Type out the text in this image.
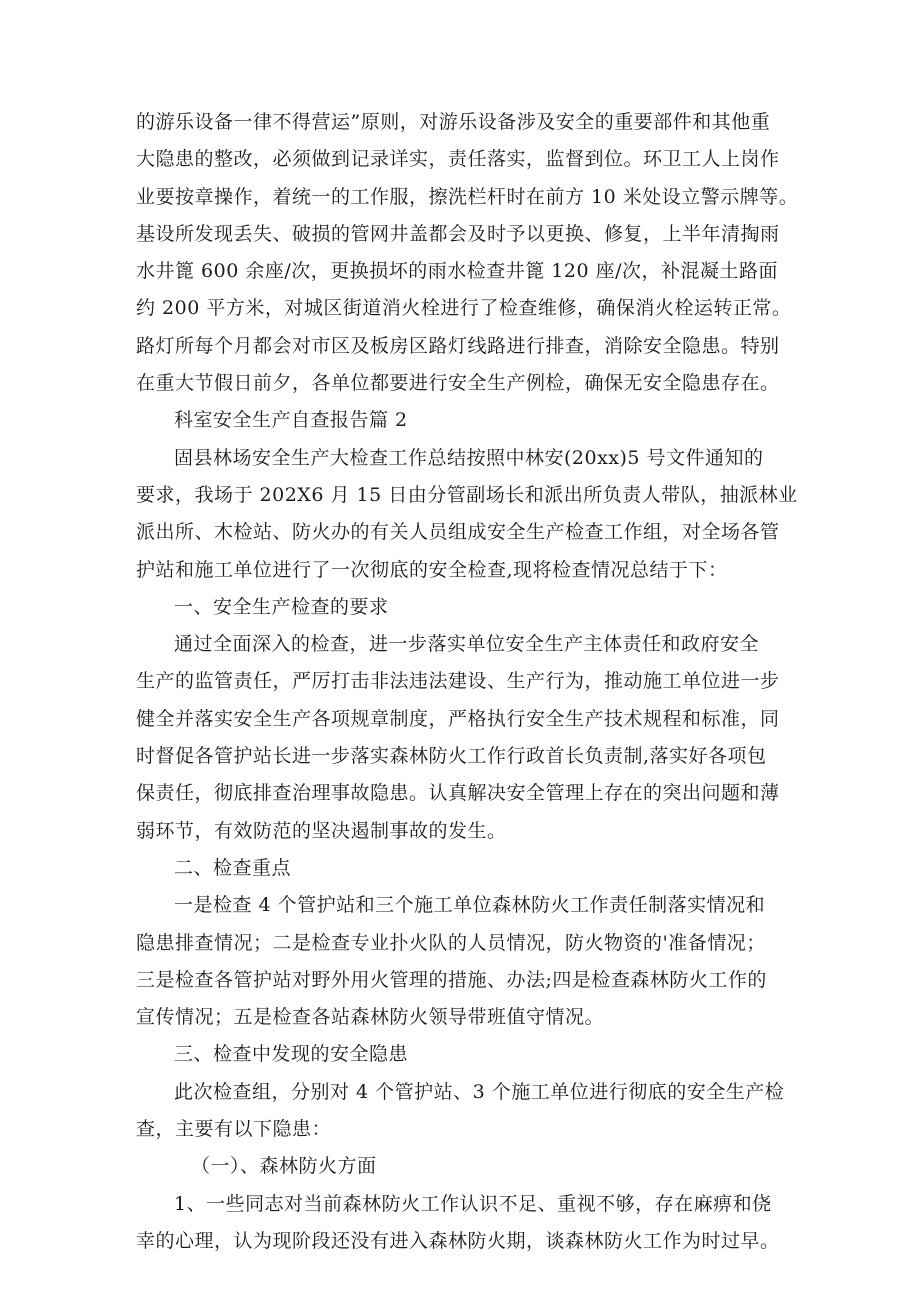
的游乐设备一律不得营运”原则，对游乐设备涉及安全的重要部件和其他重
大隐患的整改，必须做到记录详实，责任落实，监督到位。环卫工人上岗作
业要按章操作，着统一的工作服，擦洗栏杆时在前方 10 米处设立警示牌等。
基设所发现丢失、破损的管网井盖都会及时予以更换、修复，上半年清掏雨
水井篦 600 余座/次，更换损坏的雨水检查井篦 120 座/次，补混凝土路面
约 200 平方米，对城区街道消火栓进行了检查维修，确保消火栓运转正常。
路灯所每个月都会对市区及板房区路灯线路进行排查，消除安全隐患。特别
在重大节假日前夕，各单位都要进行安全生产例检，确保无安全隐患存在。
科室安全生产自查报告篇 2
固县林场安全生产大检查工作总结按照中林安(20xx)5 号文件通知的
要求，我场于 202X6 月 15 日由分管副场长和派出所负责人带队，抽派林业
派出所、木检站、防火办的有关人员组成安全生产检查工作组，对全场各管
护站和施工单位进行了一次彻底的安全检查,现将检查情况总结于下：
一、安全生产检查的要求
通过全面深入的检查，进一步落实单位安全生产主体责任和政府安全
生产的监管责任，严厉打击非法违法建设、生产行为，推动施工单位进一步
健全并落实安全生产各项规章制度，严格执行安全生产技术规程和标准，同
时督促各管护站长进一步落实森林防火工作行政首长负责制,落实好各项包
保责任，彻底排查治理事故隐患。认真解决安全管理上存在的突出问题和薄
弱环节，有效防范的坚决遏制事故的发生。
二、检查重点
一是检查 4 个管护站和三个施工单位森林防火工作责任制落实情况和
隐患排查情况；二是检查专业扑火队的人员情况，防火物资的'准备情况；
三是检查各管护站对野外用火管理的措施、办法;四是检查森林防火工作的
宣传情况；五是检查各站森林防火领导带班值守情况。
三、检查中发现的安全隐患
此次检查组，分别对 4 个管护站、3 个施工单位进行彻底的安全生产检
查，主要有以下隐患：
（一）、森林防火方面
1、一些同志对当前森林防火工作认识不足、重视不够，存在麻痹和侥
幸的心理，认为现阶段还没有进入森林防火期，谈森林防火工作为时过早。
